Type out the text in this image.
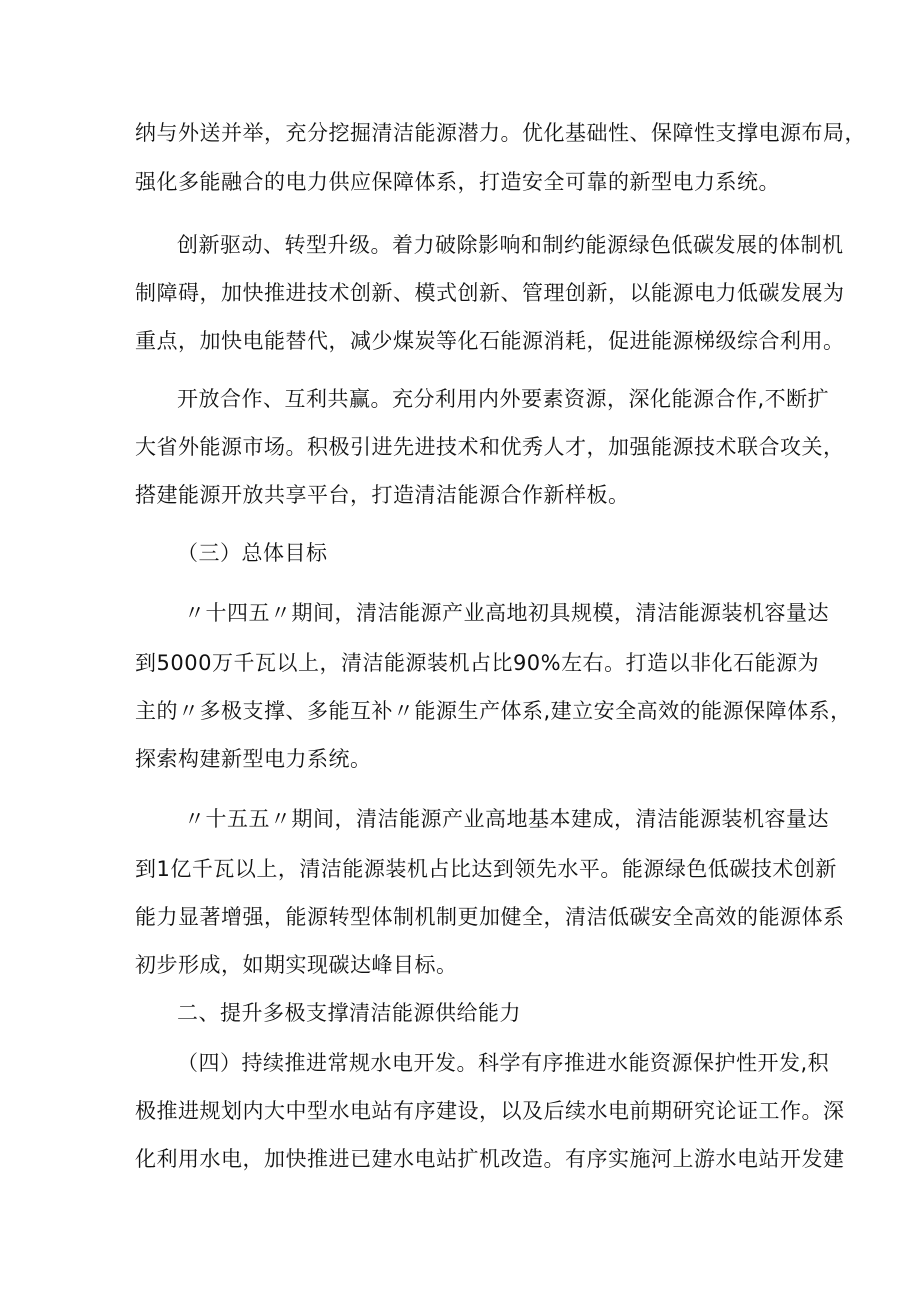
纳与外送并举，充分挖掘清洁能源潜力。优化基础性、保障性支撑电源布局，
强化多能融合的电力供应保障体系，打造安全可靠的新型电力系统。
创新驱动、转型升级。着力破除影响和制约能源绿色低碳发展的体制机
制障碍，加快推进技术创新、模式创新、管理创新，以能源电力低碳发展为
重点，加快电能替代，减少煤炭等化石能源消耗，促进能源梯级综合利用。
开放合作、互利共赢。充分利用内外要素资源，深化能源合作,不断扩
大省外能源市场。积极引进先进技术和优秀人才，加强能源技术联合攻关，
搭建能源开放共享平台，打造清洁能源合作新样板。
（三）总体目标
〃十四五〃期间，清洁能源产业高地初具规模，清洁能源装机容量达
到5000万千瓦以上，清洁能源装机占比90%左右。打造以非化石能源为
主的〃多极支撑、多能互补〃能源生产体系,建立安全高效的能源保障体系，
探索构建新型电力系统。
〃十五五〃期间，清洁能源产业高地基本建成，清洁能源装机容量达
到1亿千瓦以上，清洁能源装机占比达到领先水平。能源绿色低碳技术创新
能力显著增强，能源转型体制机制更加健全，清洁低碳安全高效的能源体系
初步形成，如期实现碳达峰目标。
二、提升多极支撑清洁能源供给能力
（四）持续推进常规水电开发。科学有序推进水能资源保护性开发,积
极推进规划内大中型水电站有序建设，以及后续水电前期研究论证工作。深
化利用水电，加快推进已建水电站扩机改造。有序实施河上游水电站开发建
